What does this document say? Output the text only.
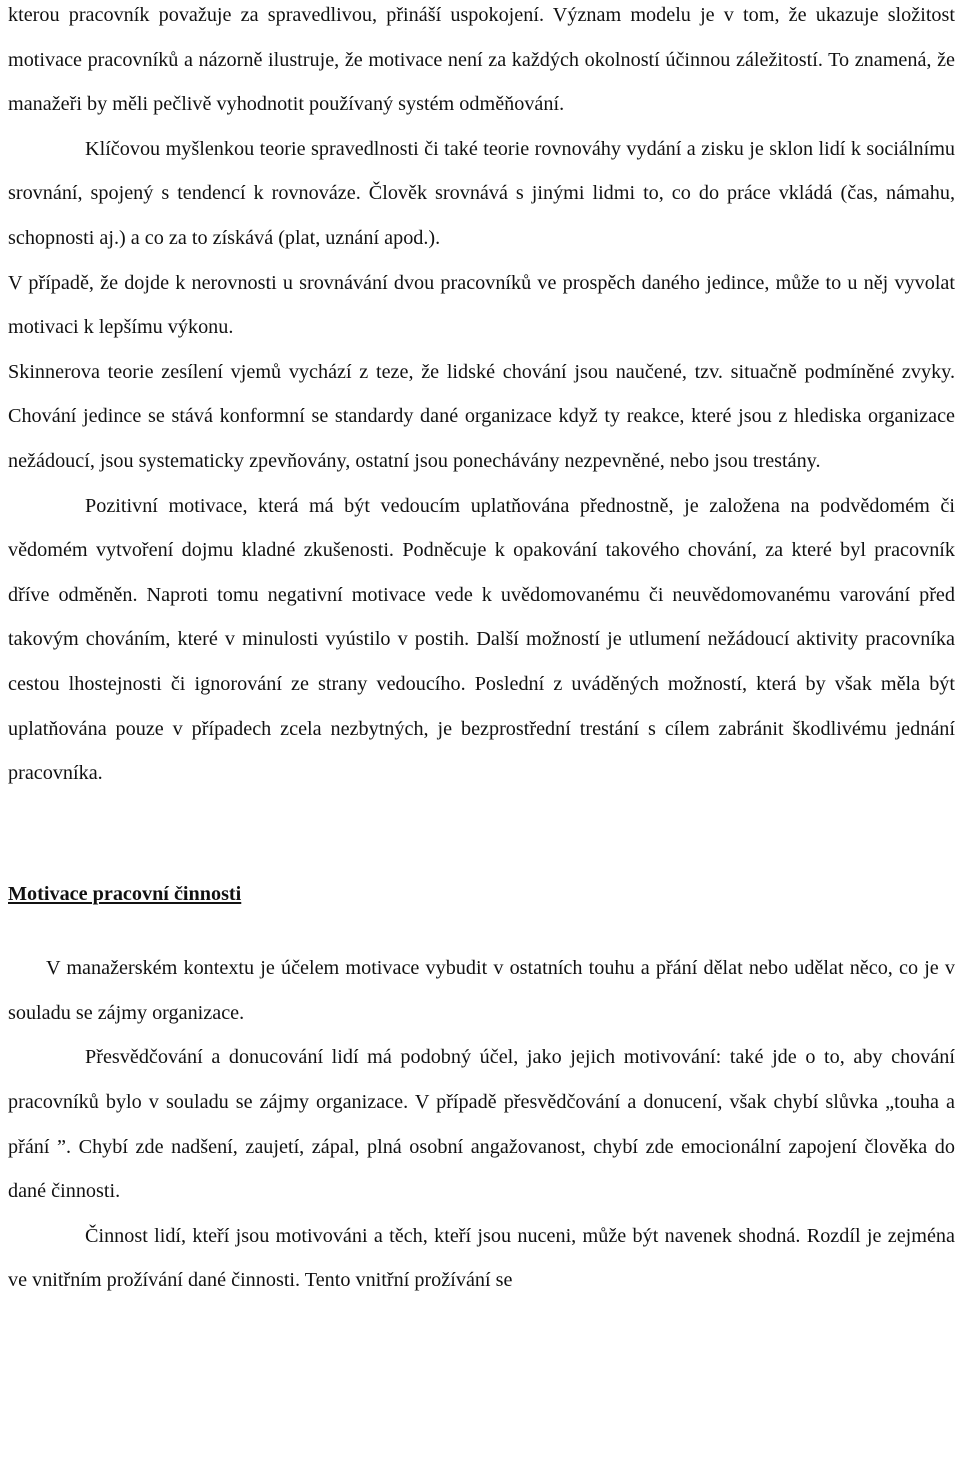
kterou pracovník považuje za spravedlivou, přináší uspokojení. Význam modelu je v tom, že ukazuje složitost motivace pracovníků a názorně ilustruje, že motivace není za každých okolností účinnou záležitostí. To znamená, že manažeři by měli pečlivě vyhodnotit používaný systém odměňování.

Klíčovou myšlenkou teorie spravedlnosti či také teorie rovnováhy vydání a zisku je sklon lidí k sociálnímu srovnání, spojený s tendencí k rovnováze. Člověk srovnává s jinými lidmi to, co do práce vkládá (čas, námahu, schopnosti aj.) a co za to získává (plat, uznání apod.).

V případě, že dojde k nerovnosti u srovnávání dvou pracovníků ve prospěch daného jedince, může to u něj vyvolat motivaci k lepšímu výkonu.

Skinnerova teorie zesílení vjemů vychází z teze, že lidské chování jsou naučené, tzv. situačně podmíněné zvyky. Chování jedince se stává konformní se standardy dané organizace když ty reakce, které jsou z hlediska organizace nežádoucí, jsou systematicky zpevňovány, ostatní jsou ponechávány nezpevněné, nebo jsou trestány.

Pozitivní motivace, která má být vedoucím uplatňována přednostně, je založena na podvědomém či vědomém vytvoření dojmu kladné zkušenosti. Podněcuje k opakování takového chování, za které byl pracovník dříve odměněn. Naproti tomu negativní motivace vede k uvědomovanému či neuvědomovanému varování před takovým chováním, které v minulosti vyústilo v postih. Další možností je utlumení nežádoucí aktivity pracovníka cestou lhostejnosti či ignorování ze strany vedoucího. Poslední z uváděných možností, která by však měla být uplatňována pouze v případech zcela nezbytných, je bezprostřední trestání s cílem zabránit škodlivému jednání pracovníka.

Motivace pracovní činnosti

V manažerském kontextu je účelem motivace vybudit v ostatních touhu a přání dělat nebo udělat něco, co je v souladu se zájmy organizace.

Přesvědčování a donucování lidí má podobný účel, jako jejich motivování: také jde o to, aby chování pracovníků bylo v souladu se zájmy organizace. V případě přesvědčování a donucení, však chybí slůvka „touha a přání ”. Chybí zde nadšení, zaujetí, zápal, plná osobní angažovanost, chybí zde emocionální zapojení člověka do dané činnosti.

Činnost lidí, kteří jsou motivováni a těch, kteří jsou nuceni, může být navenek shodná. Rozdíl je zejména ve vnitřním prožívání dané činnosti. Tento vnitřní prožívání se
